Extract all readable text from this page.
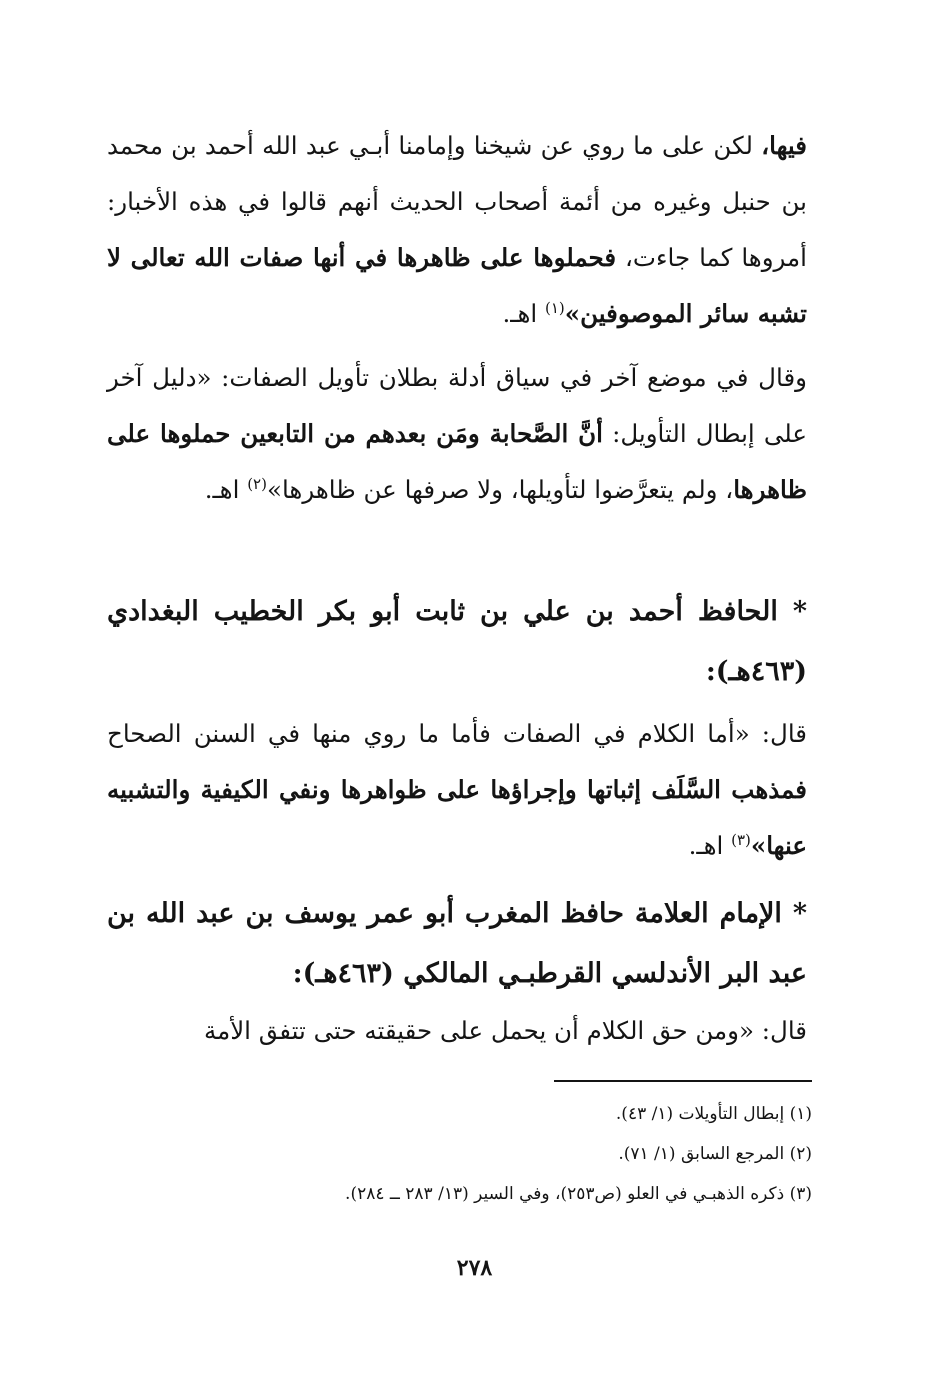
فيها، لكن على ما روي عن شيخنا وإمامنا أبـي عبد الله أحمد بن محمد بن حنبل وغيره من أئمة أصحاب الحديث أنهم قالوا في هذه الأخبار: أمروها كما جاءت، فحملوها على ظاهرها في أنها صفات الله تعالى لا تشبه سائر الموصوفين»$^{(١)}$ اهـ.

وقال في موضع آخر في سياق أدلة بطلان تأويل الصفات: «دليل آخر على إبطال التأويل: أنَّ الصَّحابة ومَن بعدهم من التابعين حملوها على ظاهرها، ولم يتعرَّضوا لتأويلها، ولا صرفها عن ظاهرها»$^{(٢)}$ اهـ.

* الحافظ أحمد بن علي بن ثابت أبو بكر الخطيب البغدادي (٤٦٣هـ):

قال: «أما الكلام في الصفات فأما ما روي منها في السنن الصحاح فمذهب السَّلَف إثباتها وإجراؤها على ظواهرها ونفي الكيفية والتشبيه عنها»$^{(٣)}$ اهـ.

* الإمام العلامة حافظ المغرب أبو عمر يوسف بن عبد الله بن عبد البر الأندلسي القرطبـي المالكي (٤٦٣هـ):

قال: «ومن حق الكلام أن يحمل على حقيقته حتى تتفق الأمة

(١) إبطال التأويلات (١/ ٤٣).

(٢) المرجع السابق (١/ ٧١).

(٣) ذكره الذهبـي في العلو (ص٢٥٣)، وفي السير (١٣/ ٢٨٣ ــ ٢٨٤).

٢٧٨
